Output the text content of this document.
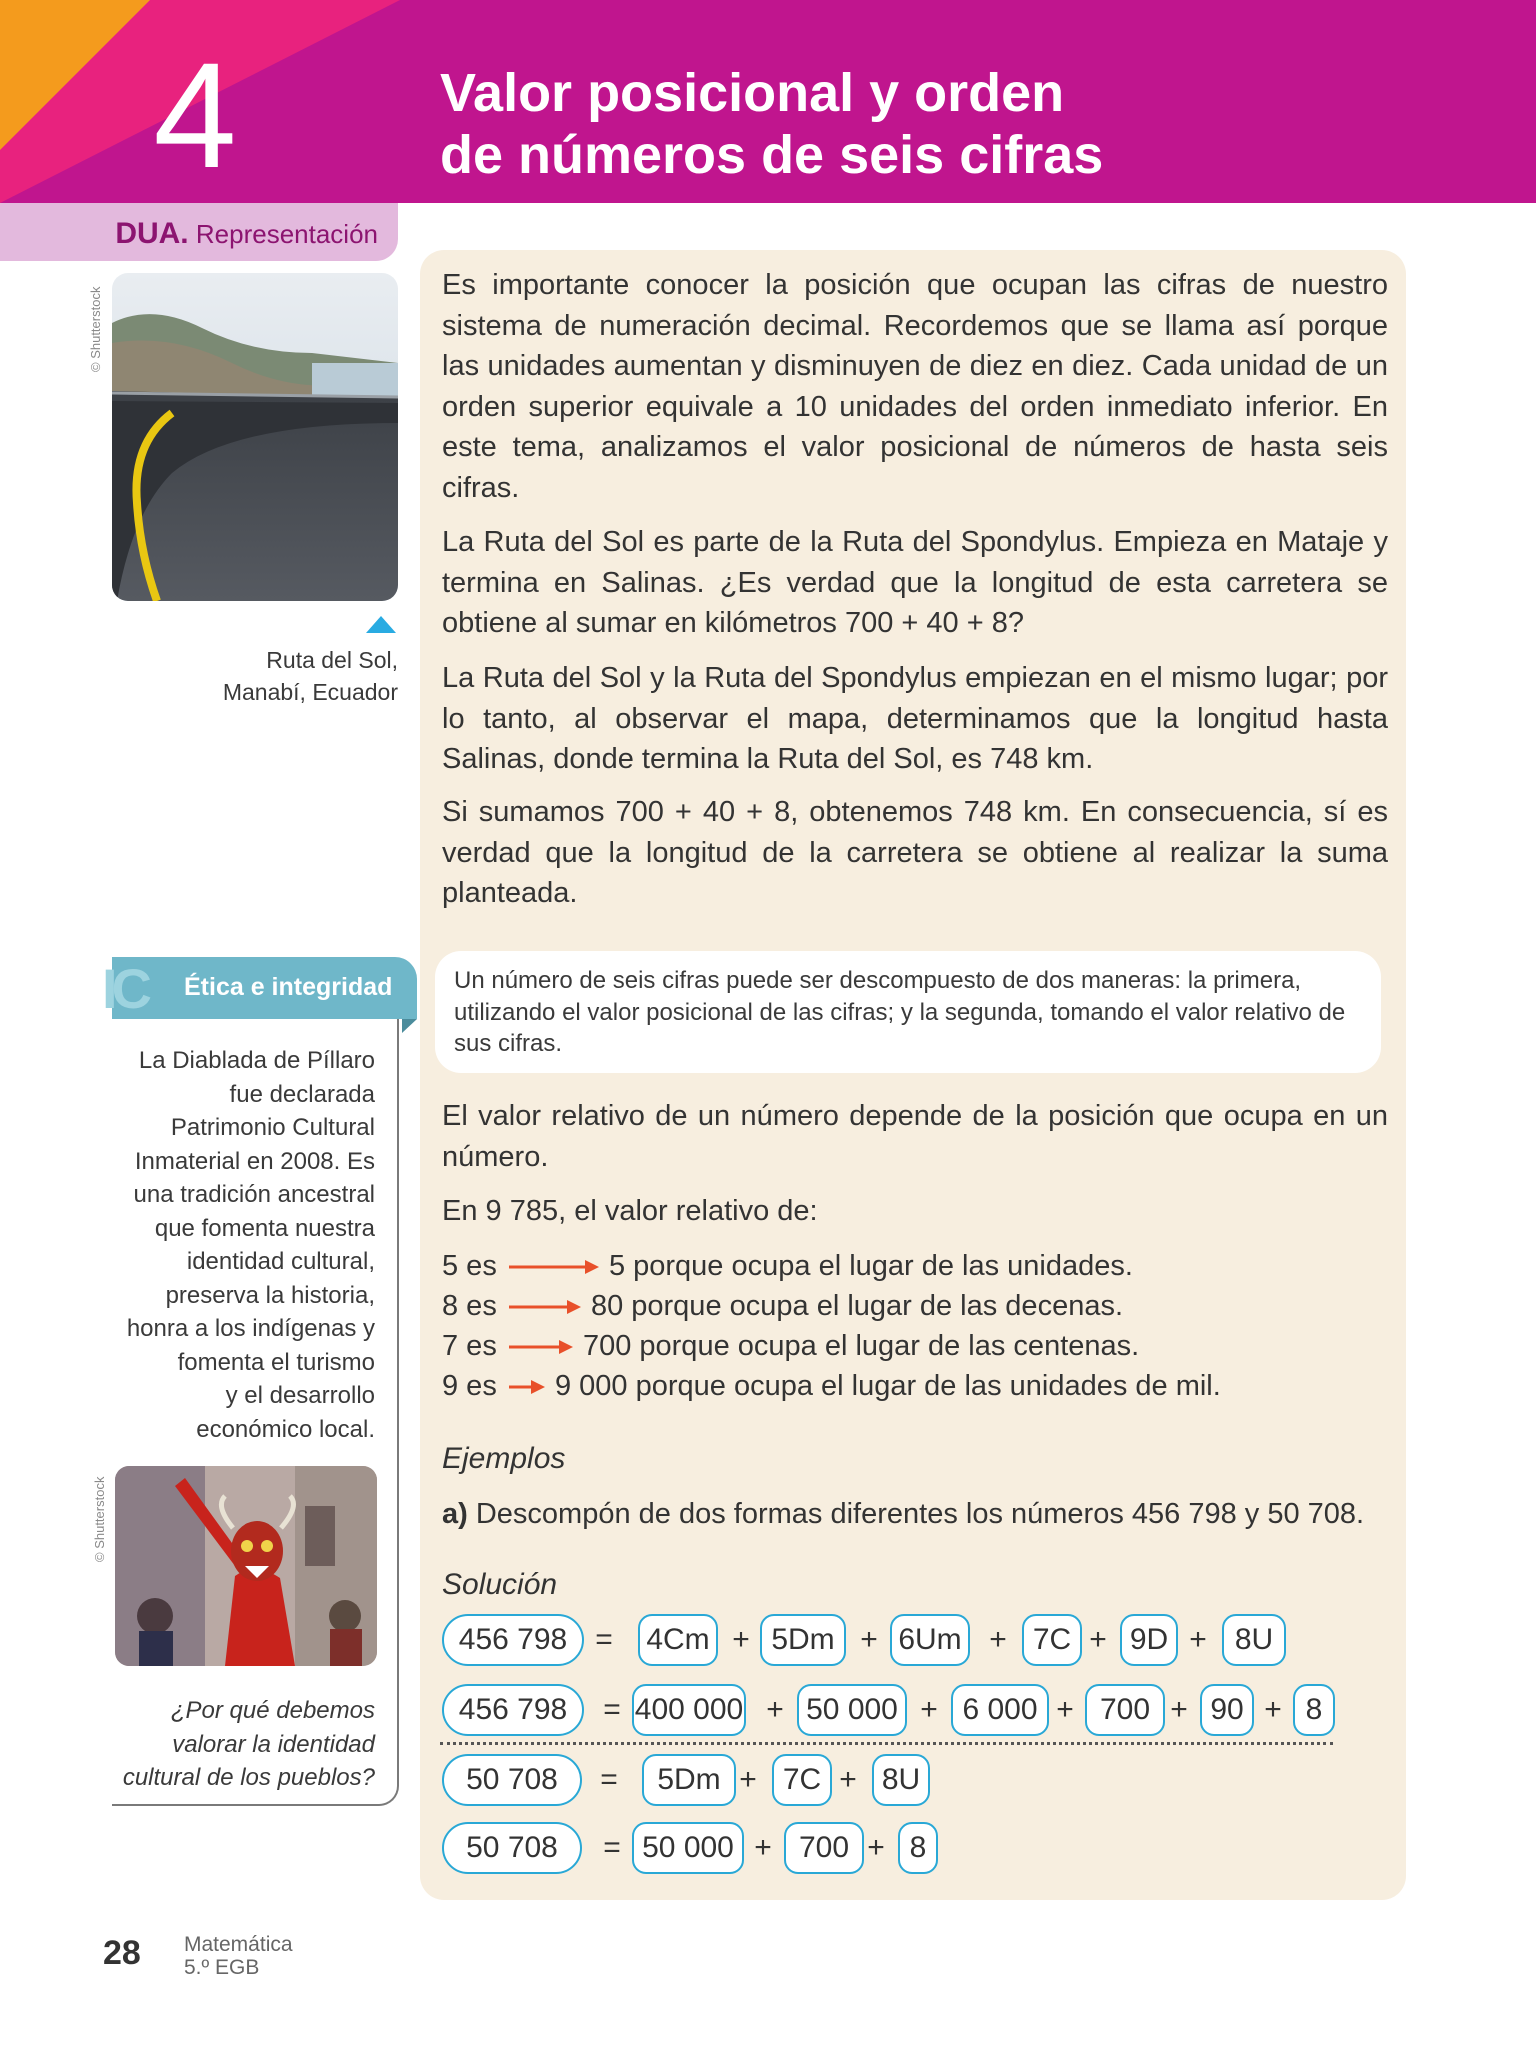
4	Valor posicional y orden
de números de seis cifras
DUA. Representación
© Shutterstock
Ruta del Sol,
Manabí, Ecuador
IC Ética e integridad
La Diablada de Píllaro
fue declarada
Patrimonio Cultural
Inmaterial en 2008. Es
una tradición ancestral
que fomenta nuestra
identidad cultural,
preserva la historia,
honra a los indígenas y
fomenta el turismo
y el desarrollo
económico local.
© Shutterstock
¿Por qué debemos
valorar la identidad
cultural de los pueblos?
Es importante conocer la posición que ocupan las cifras de nuestro sistema de numeración decimal. Recordemos que se llama así porque las unidades aumentan y disminuyen de diez en diez. Cada unidad de un orden superior equivale a 10 unidades del orden inmediato inferior. En este tema, analizamos el valor posicional de números de hasta seis cifras.
La Ruta del Sol es parte de la Ruta del Spondylus. Empieza en Mataje y termina en Salinas. ¿Es verdad que la longitud de esta carretera se obtiene al sumar en kilómetros 700 + 40 + 8?
La Ruta del Sol y la Ruta del Spondylus empiezan en el mismo lugar; por lo tanto, al observar el mapa, determinamos que la longitud hasta Salinas, donde termina la Ruta del Sol, es 748 km.
Si sumamos 700 + 40 + 8, obtenemos 748 km. En consecuencia, sí es verdad que la longitud de la carretera se obtiene al realizar la suma planteada.
Un número de seis cifras puede ser descompuesto de dos maneras: la primera, utilizando el valor posicional de las cifras; y la segunda, tomando el valor relativo de sus cifras.
El valor relativo de un número depende de la posición que ocupa en un número.
En 9 785, el valor relativo de:
5 es	5 porque ocupa el lugar de las unidades.
8 es	80 porque ocupa el lugar de las decenas.
7 es	700 porque ocupa el lugar de las centenas.
9 es 9 000 porque ocupa el lugar de las unidades de mil.
Ejemplos
a) Descompón de dos formas diferentes los números 456 798 y 50 708.
Solución
456 798 = 4Cm + 5Dm + 6Um + 7C + 9D + 8U
456 798	= 400 000 + 50 000 + 6 000 + 700 + 90 + 8
50 708	=	5Dm + 7C + 8U
50 708	= 50 000 + 700 + 8
28 Matemática
5.º EGB
